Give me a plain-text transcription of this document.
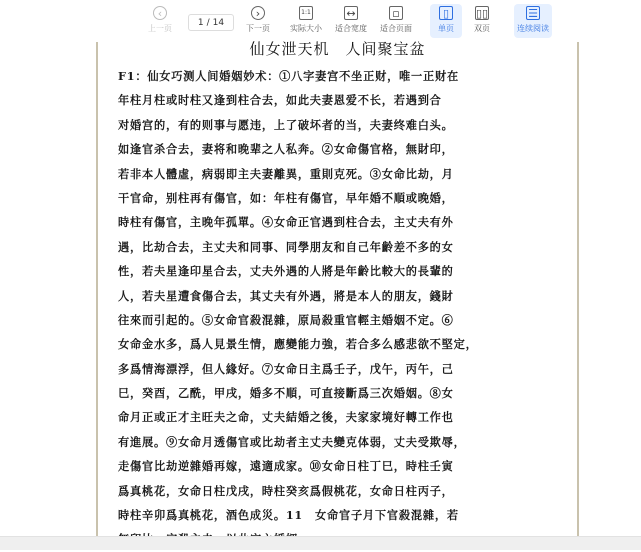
‹
上一页
1 / 14
›
下一页
1:1
实际大小
↔
适合宽度
▫
适合页面
▯
单页
▯▯
双页
☰
连续阅读
仙女泄天机　人间聚宝盆
F1：仙女巧测人间婚姻妙术：①八字妻宫不坐正财，唯一正财在
年柱月柱或时柱又逢到柱合去，如此夫妻恩爱不长，若遇到合
对婚宫的，有的则事与愿违，上了破坏者的当，夫妻终难白头。
如逢官杀合去，妻将和晚辈之人私奔。②女命傷官格，無財印，
若非本人體虛，病弱即主夫妻離異，重則克死。③女命比劫，月
干官命，别柱再有傷官，如：年柱有傷官，早年婚不順或晚婚，
時柱有傷官，主晚年孤單。④女命正官遇到柱合去，主丈夫有外
遇，比劫合去，主丈夫和同事、同學朋友和自己年齡差不多的女
性，若夫星逢印星合去，丈夫外遇的人將是年齡比較大的長輩的
人，若夫星遭食傷合去，其丈夫有外遇，將是本人的朋友，錢財
往來而引起的。⑤女命官殺混雜，原局殺重官輕主婚姻不定。⑥
女命金水多，爲人見景生情，應變能力強，若合多么感悲欲不堅定，
多爲情海漂浮，但人緣好。⑦女命日主爲壬子，戊午，丙午，己
巳，癸酉，乙酰，甲戌，婚多不順，可直接斷爲三次婚姻。⑧女
命月正或正才主旺夫之命，丈夫結婚之後，夫家家境好轉工作也
有進展。⑨女命月透傷官或比劫者主丈夫變克体弱，丈夫受欺辱，
走傷官比劫逆雜婚再嫁，遠適成家。⑩女命日柱丁巳，時柱壬寅
爲真桃花，女命日柱戊戌，時柱癸亥爲假桃花，女命日柱丙子，
時柱辛卯爲真桃花，酒色成災。11　女命官子月下官殺混雜，若
